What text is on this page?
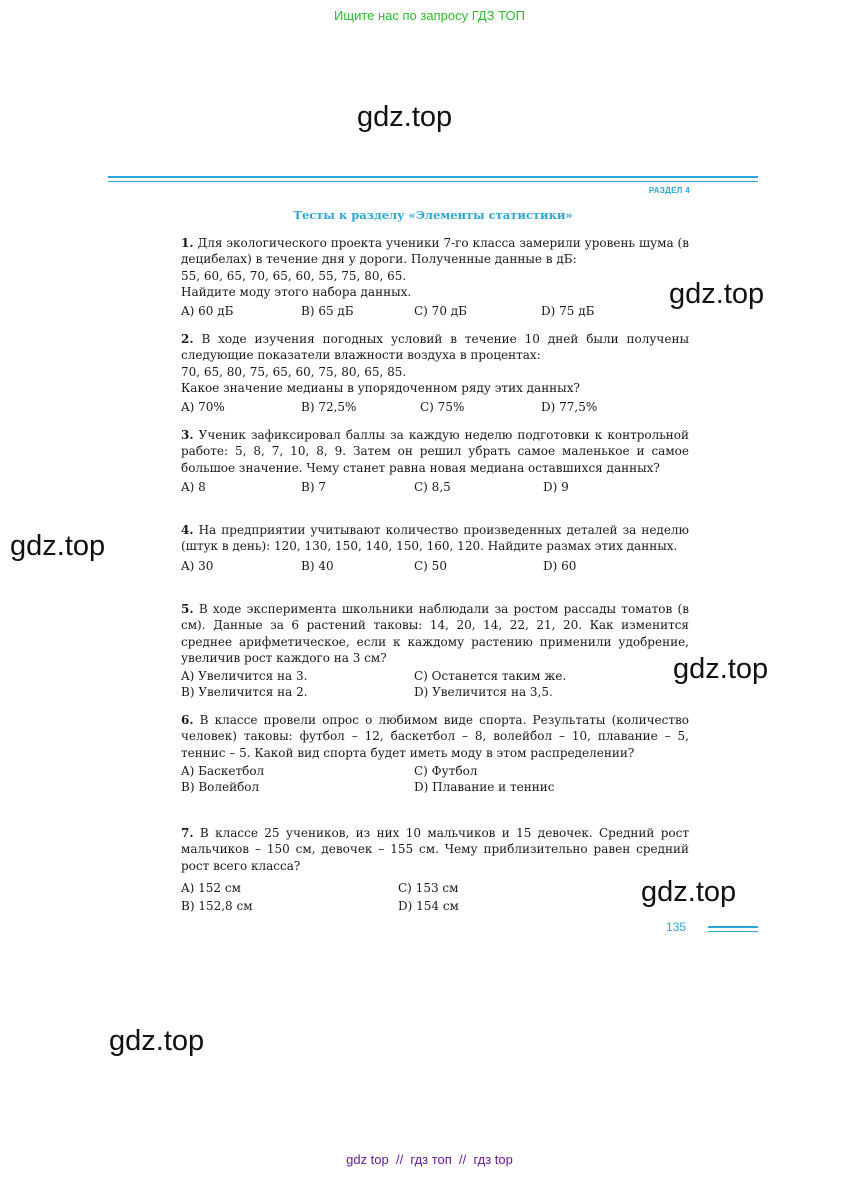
Ищите нас по запросу ГДЗ ТОП
gdz.top
gdz.top
gdz.top
gdz.top
gdz.top
gdz.top
РАЗДЕЛ 4
Тесты к разделу «Элементы статистики»

1. Для экологического проекта ученики 7-го класса замерили уровень шума (в децибелах) в течение дня у дороги. Полученные данные в дБ:

55, 60, 65, 70, 65, 60, 55, 75, 80, 65.

Найдите моду этого набора данных.

A) 60 дБ	B) 65 дБ	C) 70 дБ	D) 75 дБ

2. В ходе изучения погодных условий в течение 10 дней были получены следующие показатели влажности воздуха в процентах:

70, 65, 80, 75, 65, 60, 75, 80, 65, 85.

Какое значение медианы в упорядоченном ряду этих данных?

A) 70%	B) 72,5%	C) 75%	D) 77,5%

3. Ученик зафиксировал баллы за каждую неделю подготовки к контрольной работе: 5, 8, 7, 10, 8, 9. Затем он решил убрать самое маленькое и самое большое значение. Чему станет равна новая медиана оставшихся данных?

A) 8	B) 7	C) 8,5	D) 9

4. На предприятии учитывают количество произведенных деталей за неделю (штук в день): 120, 130, 150, 140, 150, 160, 120. Найдите размах этих данных.

A) 30	B) 40	C) 50	D) 60

5. В ходе эксперимента школьники наблюдали за ростом рассады томатов (в см). Данные за 6 растений таковы: 14, 20, 14, 22, 21, 20. Как изменится среднее арифметическое, если к каждому растению применили удобрение, увеличив рост каждого на 3 см?

A) Увеличится на 3.	C) Останется таким же.
B) Увеличится на 2.	D) Увеличится на 3,5.

6. В классе провели опрос о любимом виде спорта. Результаты (количество человек) таковы: футбол – 12, баскетбол – 8, волейбол – 10, плавание – 5, теннис – 5. Какой вид спорта будет иметь моду в этом распределении?

A) Баскетбол	C) Футбол
B) Волейбол	D) Плавание и теннис

7. В классе 25 учеников, из них 10 мальчиков и 15 девочек. Средний рост мальчиков – 150 см, девочек – 155 см. Чему приблизительно равен средний рост всего класса?

A) 152 см	C) 153 см
B) 152,8 см	D) 154 см
135
gdz top  //  гдз топ  //  гдз top
